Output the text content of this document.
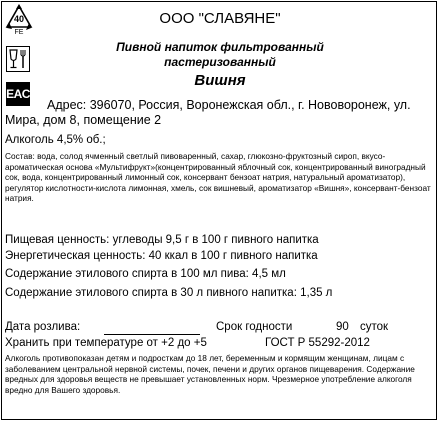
40
FE
EAC
ООО "СЛАВЯНЕ"
Пивной напиток фильтрованный
пастеризованный
Вишня
Адрес: 396070, Россия, Воронежская обл., г. Нововоронеж, ул.
Мира, дом 8, помещение 2
Алкоголь 4,5% об.;
Состав: вода, солод ячменный светлый пивоваренный, сахар, глюкозно-фруктозный сироп, вкусо-ароматическая основа «Мультифрукт»(концентрированный яблочный сок, концентрированный виноградный сок, вода, концентрированный лимонный сок, консервант бензоат натрия, натуральный ароматизатор), регулятор кислотности-кислота лимонная, хмель, сок вишневый, ароматизатор «Вишня», консервант-бензоат натрия.
Пищевая ценность: углеводы 9,5 г в 100 г пивного напитка
Энергетическая ценность: 40 ккал в 100 г пивного напитка
Содержание этилового спирта в 100 мл пива: 4,5 мл
Содержание этилового спирта в 30 л пивного напитка: 1,35 л
Дата розлива:	Срок годности	90 суток
Хранить при температуре от +2 до +5	ГОСТ Р 55292-2012
Алкоголь противопоказан детям и подросткам до 18 лет, беременным и кормящим женщинам, лицам с заболеванием центральной нервной системы, почек, печени и других органов пищеварения. Содержание вредных для здоровья веществ не превышает установленных норм. Чрезмерное употребление алкоголя вредно для Вашего здоровья.
